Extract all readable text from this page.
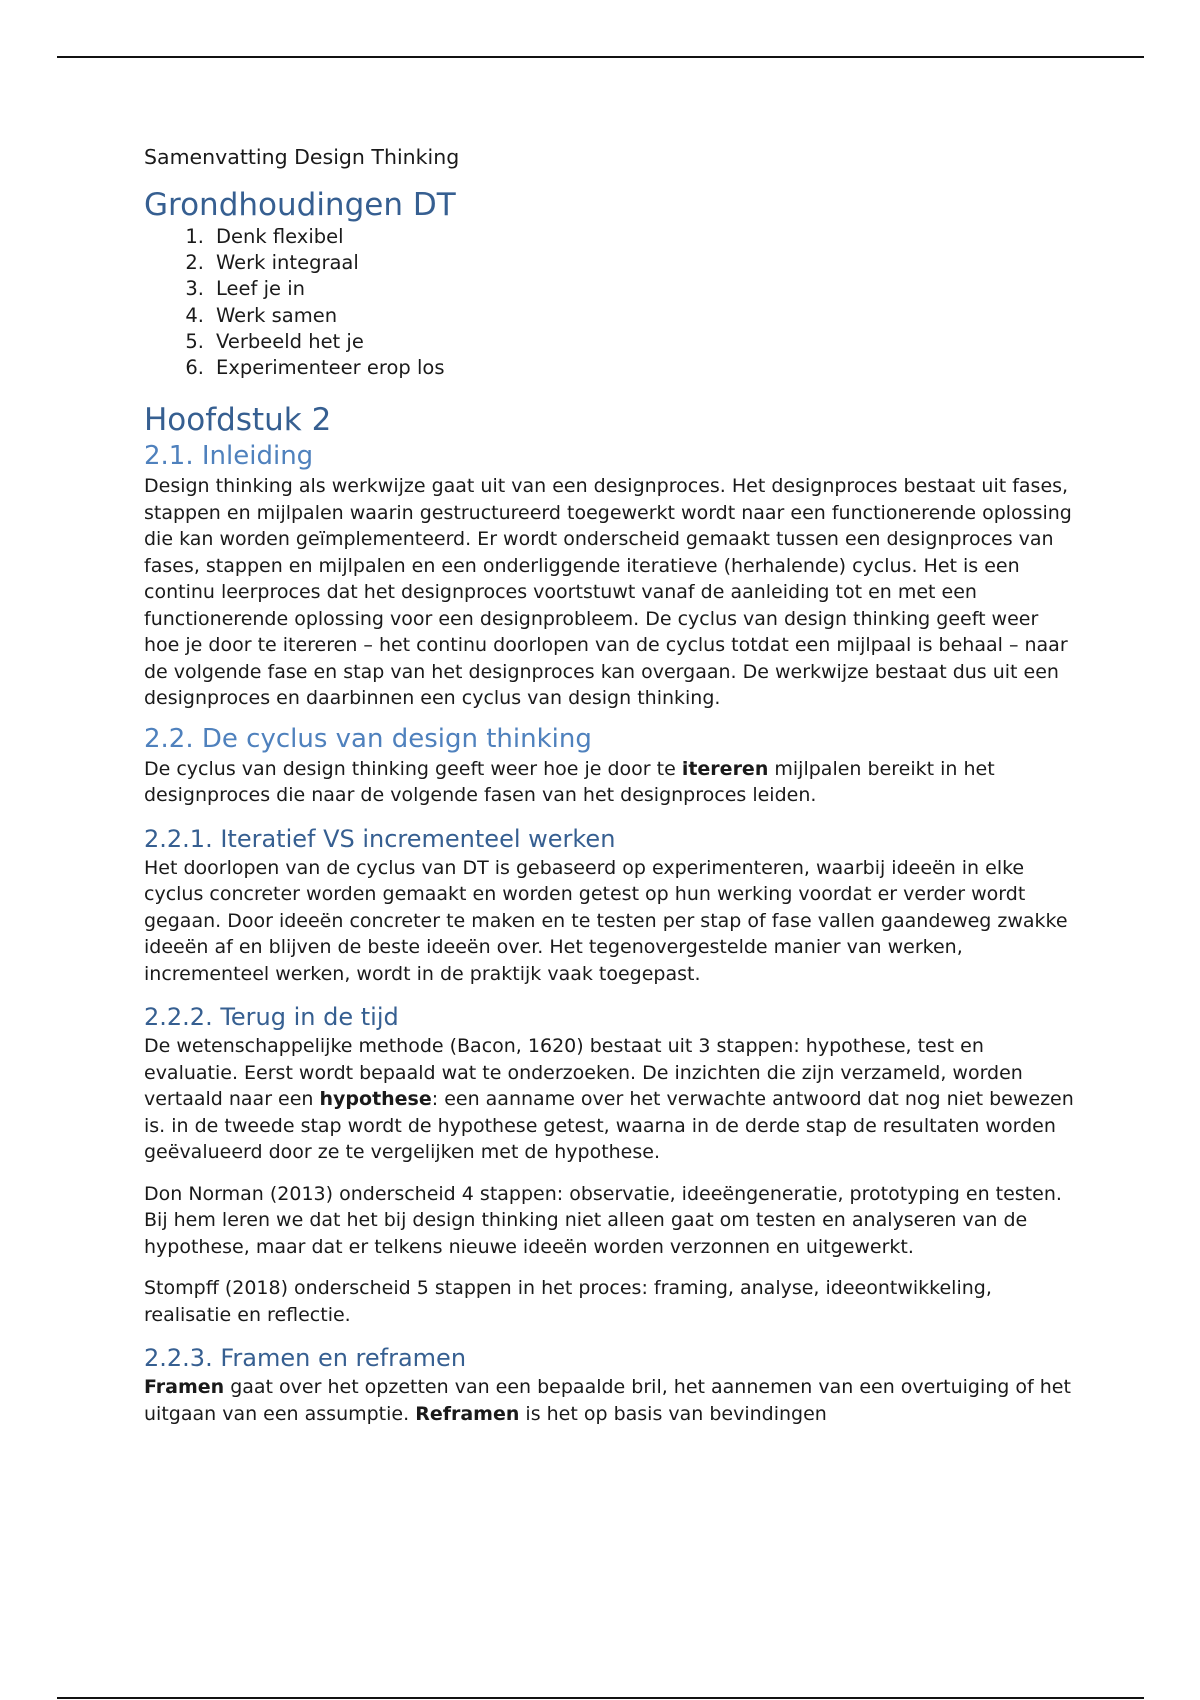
Samenvatting Design Thinking
Grondhoudingen DT
1. Denk flexibel
2. Werk integraal
3. Leef je in
4. Werk samen
5. Verbeeld het je
6. Experimenteer erop los
Hoofdstuk 2
2.1. Inleiding

Design thinking als werkwijze gaat uit van een designproces. Het designproces bestaat uit fases, stappen en mijlpalen waarin gestructureerd toegewerkt wordt naar een functionerende oplossing die kan worden geïmplementeerd. Er wordt onderscheid gemaakt tussen een designproces van fases, stappen en mijlpalen en een onderliggende iteratieve (herhalende) cyclus. Het is een continu leerproces dat het designproces voortstuwt vanaf de aanleiding tot en met een functionerende oplossing voor een designprobleem. De cyclus van design thinking geeft weer hoe je door te itereren – het continu doorlopen van de cyclus totdat een mijlpaal is behaal – naar de volgende fase en stap van het designproces kan overgaan. De werkwijze bestaat dus uit een designproces en daarbinnen een cyclus van design thinking.

2.2. De cyclus van design thinking

De cyclus van design thinking geeft weer hoe je door te itereren mijlpalen bereikt in het designproces die naar de volgende fasen van het designproces leiden.

2.2.1. Iteratief VS incrementeel werken

Het doorlopen van de cyclus van DT is gebaseerd op experimenteren, waarbij ideeën in elke cyclus concreter worden gemaakt en worden getest op hun werking voordat er verder wordt gegaan. Door ideeën concreter te maken en te testen per stap of fase vallen gaandeweg zwakke ideeën af en blijven de beste ideeën over. Het tegenovergestelde manier van werken, incrementeel werken, wordt in de praktijk vaak toegepast.

2.2.2. Terug in de tijd

De wetenschappelijke methode (Bacon, 1620) bestaat uit 3 stappen: hypothese, test en evaluatie. Eerst wordt bepaald wat te onderzoeken. De inzichten die zijn verzameld, worden vertaald naar een hypothese: een aanname over het verwachte antwoord dat nog niet bewezen is. in de tweede stap wordt de hypothese getest, waarna in de derde stap de resultaten worden geëvalueerd door ze te vergelijken met de hypothese.

Don Norman (2013) onderscheid 4 stappen: observatie, ideeëngeneratie, prototyping en testen. Bij hem leren we dat het bij design thinking niet alleen gaat om testen en analyseren van de hypothese, maar dat er telkens nieuwe ideeën worden verzonnen en uitgewerkt.

Stompff (2018) onderscheid 5 stappen in het proces: framing, analyse, ideeontwikkeling, realisatie en reflectie.

2.2.3. Framen en reframen

Framen gaat over het opzetten van een bepaalde bril, het aannemen van een overtuiging of het uitgaan van een assumptie. Reframen is het op basis van bevindingen
